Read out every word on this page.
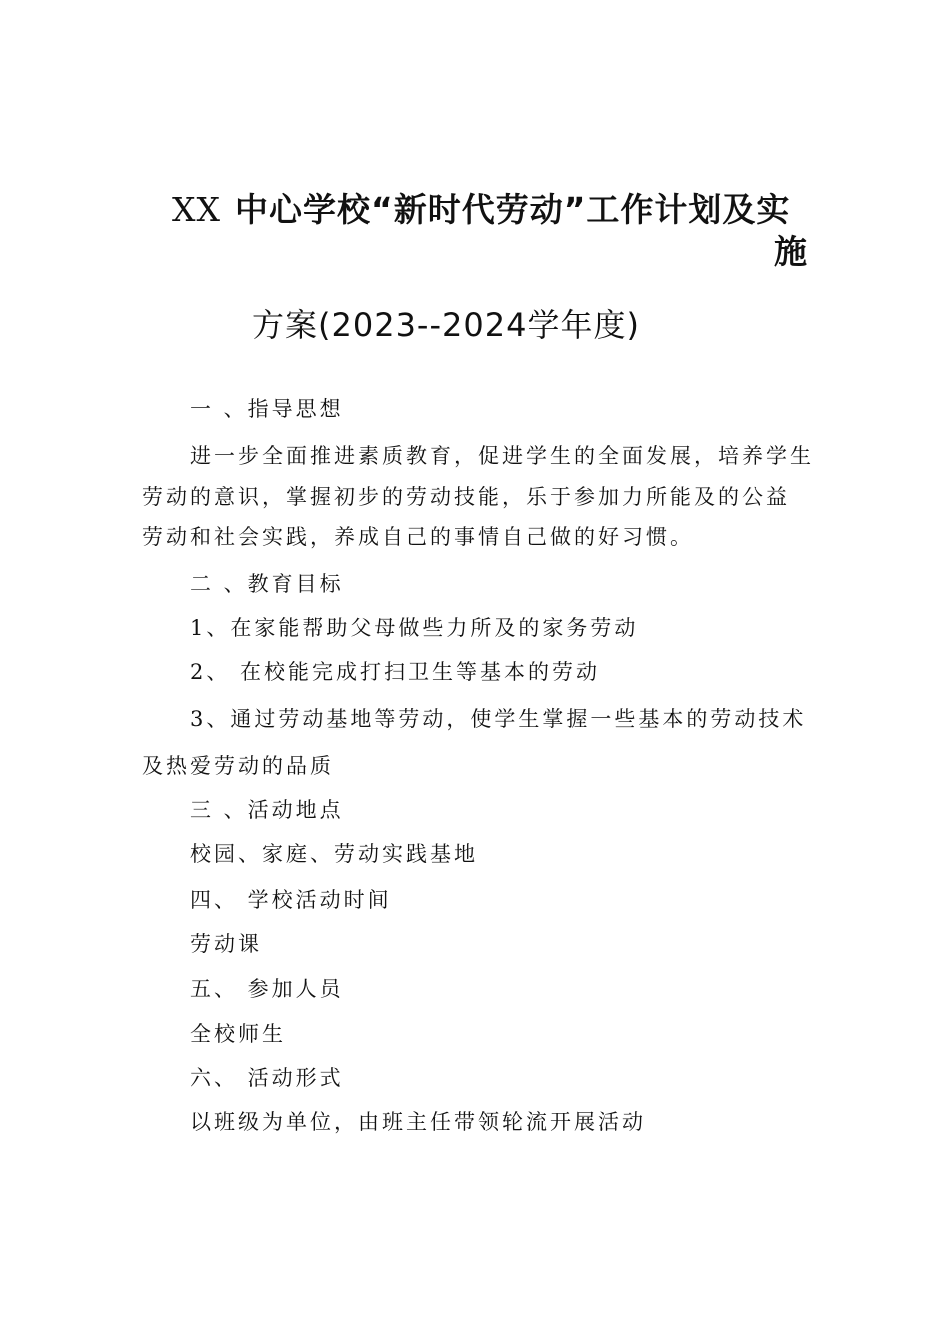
XX 中心学校“新时代劳动”工作计划及实
施
方案(2023--2024学年度)
一 、指导思想
进一步全面推进素质教育，促进学生的全面发展，培养学生
劳动的意识，掌握初步的劳动技能，乐于参加力所能及的公益
劳动和社会实践，养成自己的事情自己做的好习惯。
二 、教育目标
1、在家能帮助父母做些力所及的家务劳动
2、 在校能完成打扫卫生等基本的劳动
3、通过劳动基地等劳动，使学生掌握一些基本的劳动技术
及热爱劳动的品质
三 、活动地点
校园、家庭、劳动实践基地
四、 学校活动时间
劳动课
五、 参加人员
全校师生
六、 活动形式
以班级为单位，由班主任带领轮流开展活动
